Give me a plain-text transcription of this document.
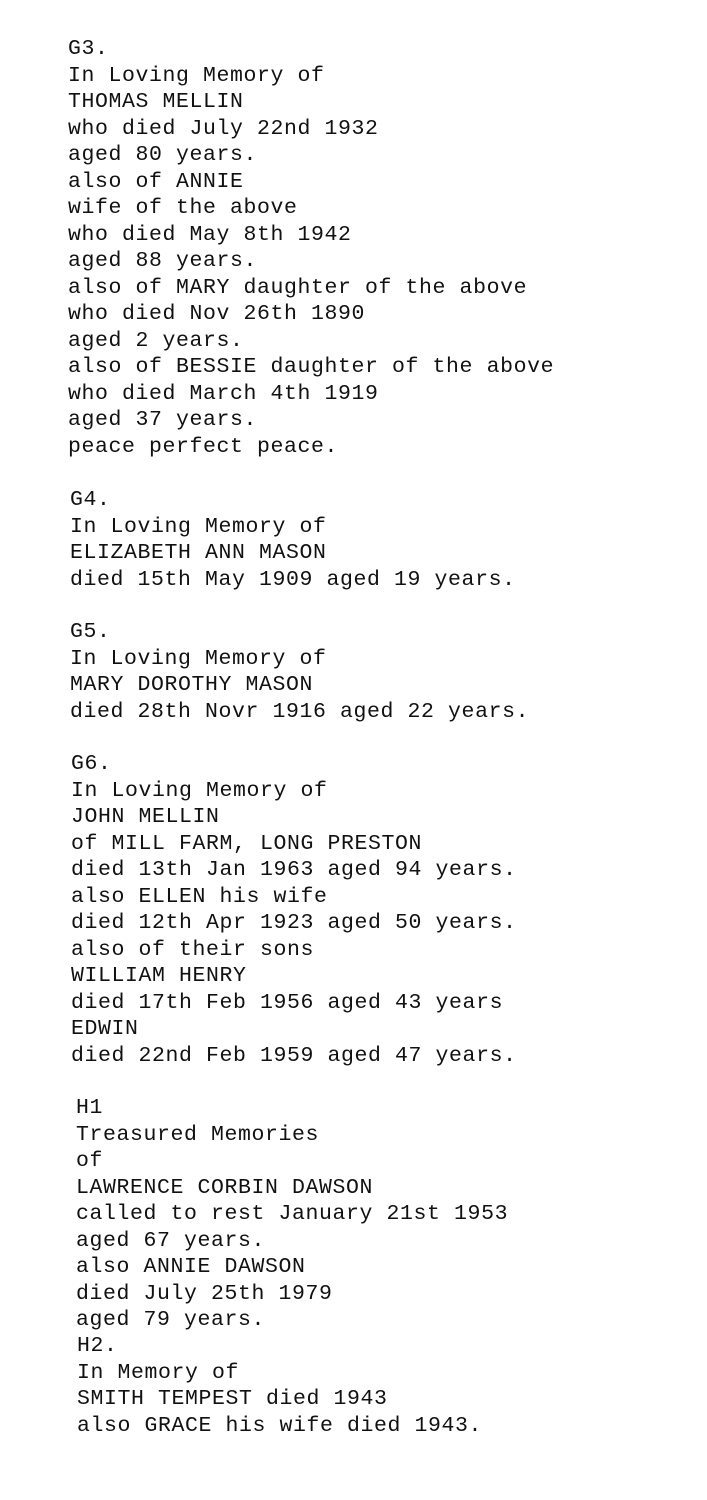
G3.
In Loving Memory of
THOMAS MELLIN
who died July 22nd 1932
aged 80 years.
also of ANNIE
wife of the above
who died May 8th 1942
aged 88 years.
also of MARY daughter of the above
who died Nov 26th 1890
aged 2 years.
also of BESSIE daughter of the above
who died March 4th 1919
aged 37 years.
peace perfect peace.
G4.
In Loving Memory of
ELIZABETH ANN MASON
died 15th May 1909 aged 19 years.
G5.
In Loving Memory of
MARY DOROTHY MASON
died 28th Novr 1916 aged 22 years.
G6.
In Loving Memory of
JOHN MELLIN
of MILL FARM, LONG PRESTON
died 13th Jan 1963 aged 94 years.
also ELLEN his wife
died 12th Apr 1923 aged 50 years.
also of their sons
WILLIAM HENRY
died 17th Feb 1956 aged 43 years
EDWIN
died 22nd Feb 1959 aged 47 years.
H1
Treasured Memories
of
LAWRENCE CORBIN DAWSON
called to rest January 21st 1953
aged 67 years.
also ANNIE DAWSON
died July 25th 1979
aged 79 years.
H2.
In Memory of
SMITH TEMPEST died 1943
also GRACE his wife died 1943.
